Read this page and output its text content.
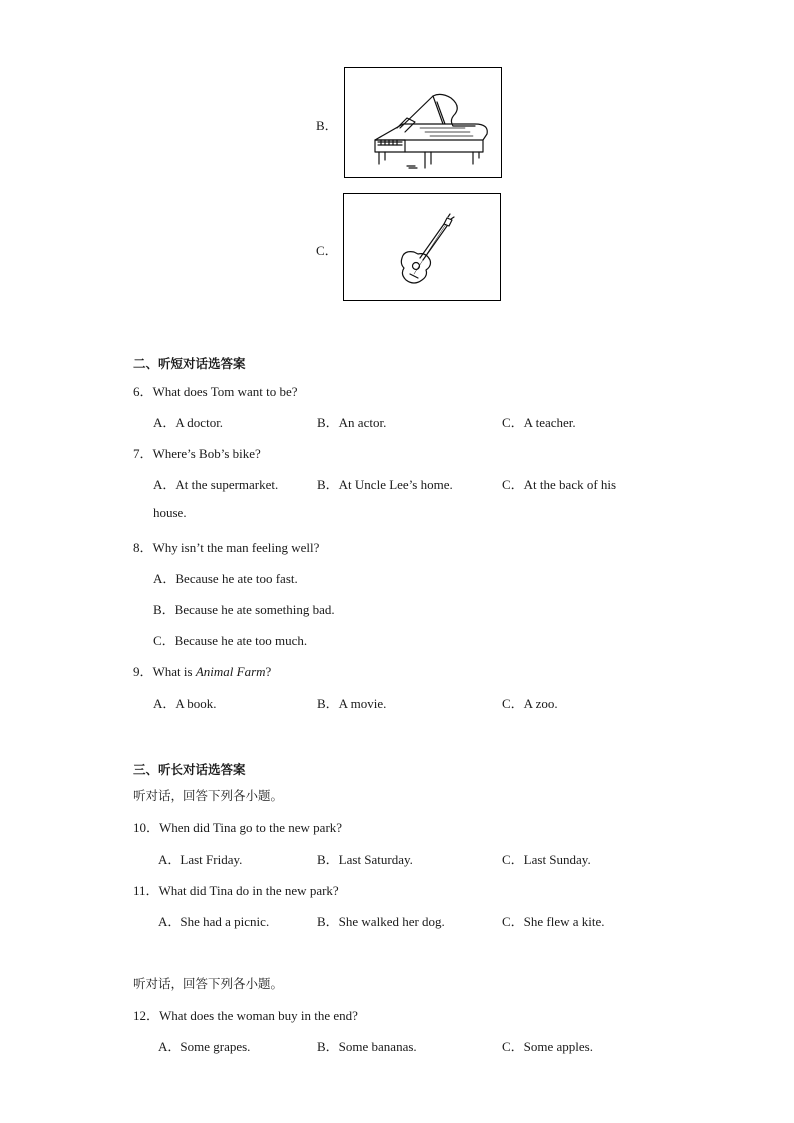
B．
C．
二、听短对话选答案
6．What does Tom want to be?
A．A doctor.	B．An actor.	C．A teacher.
7．Where’s Bob’s bike?
A．At the supermarket.	B．At Uncle Lee’s home.	C．At the back of his
house.
8．Why isn’t the man feeling well?
A．Because he ate too fast.
B．Because he ate something bad.
C．Because he ate too much.
9．What is Animal Farm?
A．A book.	B．A movie.	C．A zoo.
三、听长对话选答案
听对话，回答下列各小题。
10．When did Tina go to the new park?
A．Last Friday.	B．Last Saturday.	C．Last Sunday.
11．What did Tina do in the new park?
A．She had a picnic.	B．She walked her dog.	C．She flew a kite.
听对话，回答下列各小题。
12．What does the woman buy in the end?
A．Some grapes.	B．Some bananas.	C．Some apples.
